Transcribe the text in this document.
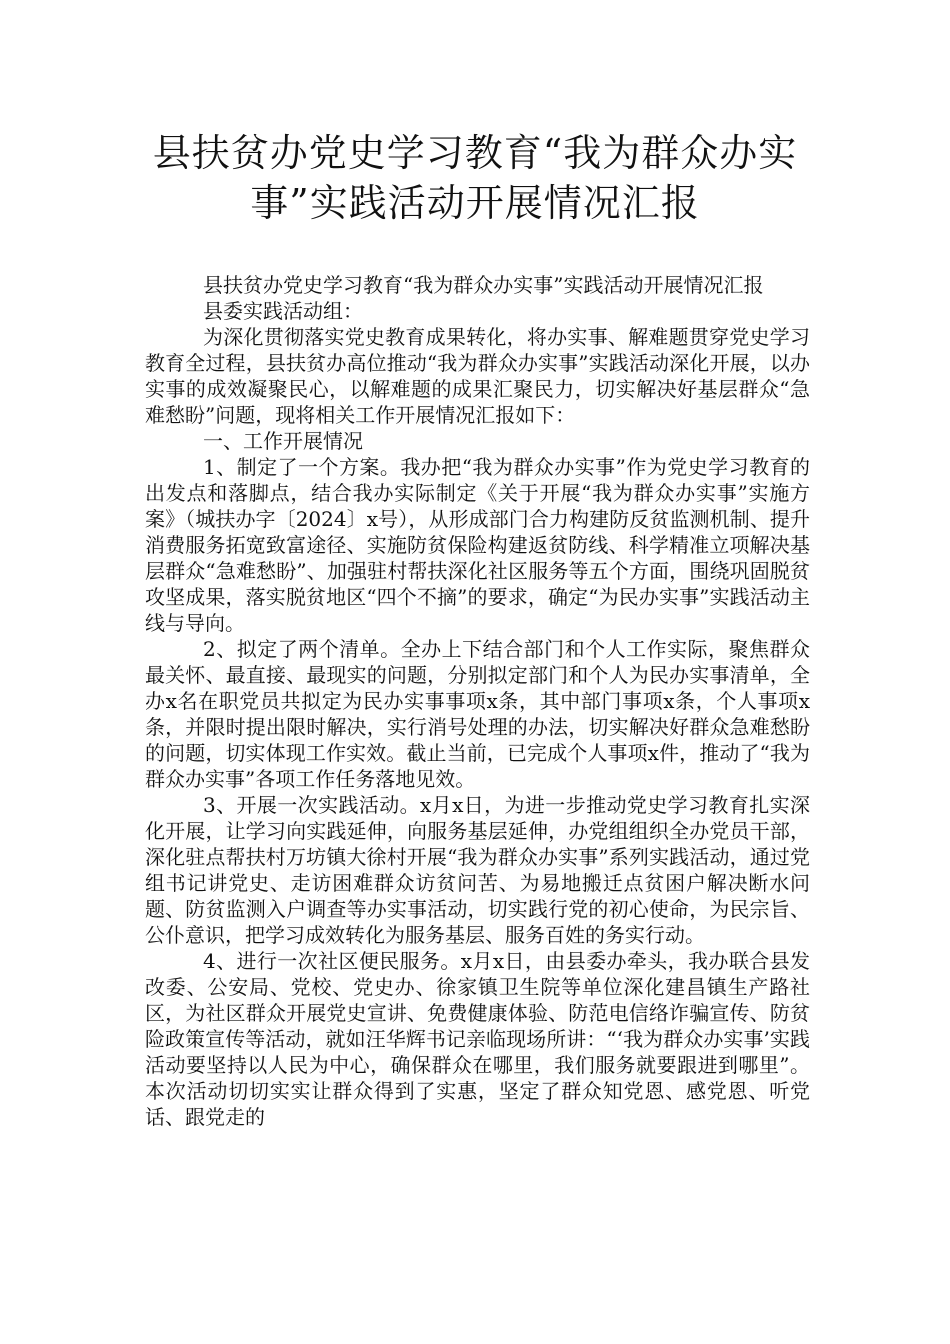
县扶贫办党史学习教育“我为群众办实
事”实践活动开展情况汇报

县扶贫办党史学习教育“我为群众办实事”实践活动开展情况汇报

县委实践活动组：

为深化贯彻落实党史教育成果转化，将办实事、解难题贯穿党史学习教育全过程，县扶贫办高位推动“我为群众办实事”实践活动深化开展，以办实事的成效凝聚民心，以解难题的成果汇聚民力，切实解决好基层群众“急难愁盼”问题，现将相关工作开展情况汇报如下：

一、工作开展情况

1、制定了一个方案。我办把“我为群众办实事”作为党史学习教育的出发点和落脚点，结合我办实际制定《关于开展“我为群众办实事”实施方案》（城扶办字〔2024〕x号），从形成部门合力构建防反贫监测机制、提升消费服务拓宽致富途径、实施防贫保险构建返贫防线、科学精准立项解决基层群众“急难愁盼”、加强驻村帮扶深化社区服务等五个方面，围绕巩固脱贫攻坚成果，落实脱贫地区“四个不摘”的要求，确定“为民办实事”实践活动主线与导向。

2、拟定了两个清单。全办上下结合部门和个人工作实际，聚焦群众最关怀、最直接、最现实的问题，分别拟定部门和个人为民办实事清单，全办x名在职党员共拟定为民办实事事项x条，其中部门事项x条，个人事项x条，并限时提出限时解决，实行消号处理的办法，切实解决好群众急难愁盼的问题，切实体现工作实效。截止当前，已完成个人事项x件，推动了“我为群众办实事”各项工作任务落地见效。

3、开展一次实践活动。x月x日，为进一步推动党史学习教育扎实深化开展，让学习向实践延伸，向服务基层延伸，办党组组织全办党员干部，深化驻点帮扶村万坊镇大徐村开展“我为群众办实事”系列实践活动，通过党组书记讲党史、走访困难群众访贫问苦、为易地搬迁点贫困户解决断水问题、防贫监测入户调查等办实事活动，切实践行党的初心使命，为民宗旨、公仆意识，把学习成效转化为服务基层、服务百姓的务实行动。

4、进行一次社区便民服务。x月x日，由县委办牵头，我办联合县发改委、公安局、党校、党史办、徐家镇卫生院等单位深化建昌镇生产路社区，为社区群众开展党史宣讲、免费健康体验、防范电信络诈骗宣传、防贫险政策宣传等活动，就如汪华辉书记亲临现场所讲：“‘我为群众办实事’实践活动要坚持以人民为中心，确保群众在哪里，我们服务就要跟进到哪里”。本次活动切切实实让群众得到了实惠，坚定了群众知党恩、感党恩、听党话、跟党走的
